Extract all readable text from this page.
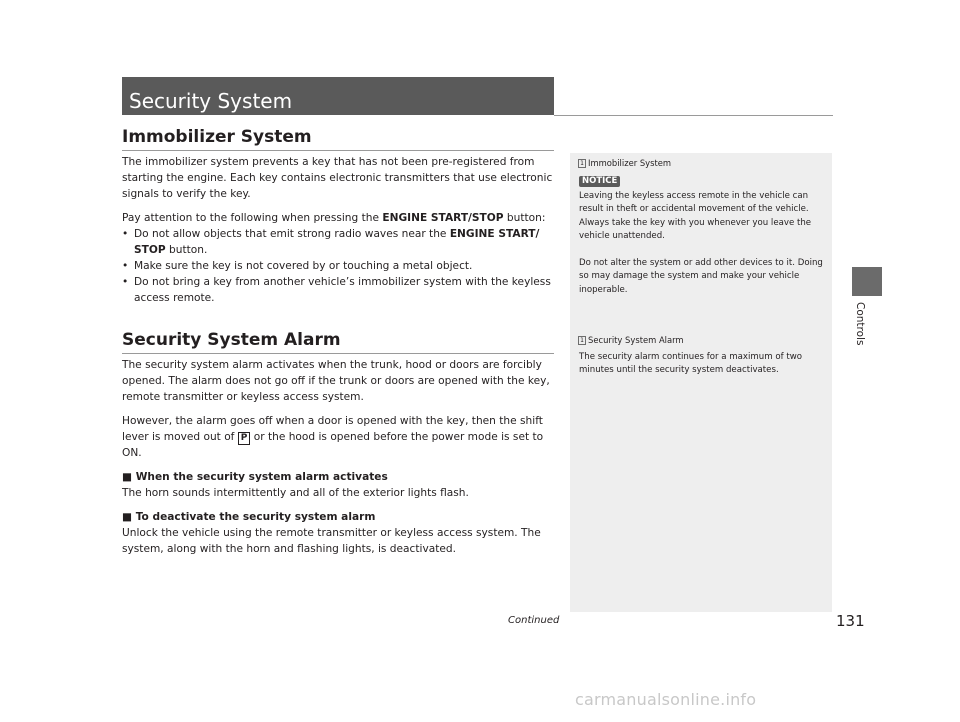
Security System
Immobilizer System

The immobilizer system prevents a key that has not been pre-registered from starting the engine. Each key contains electronic transmitters that use electronic signals to verify the key.

Pay attention to the following when pressing the ENGINE START/STOP button:

• Do not allow objects that emit strong radio waves near the ENGINE START/ STOP button.
• Make sure the key is not covered by or touching a metal object.
• Do not bring a key from another vehicle’s immobilizer system with the keyless access remote.
Security System Alarm

The security system alarm activates when the trunk, hood or doors are forcibly opened. The alarm does not go off if the trunk or doors are opened with the key, remote transmitter or keyless access system.

However, the alarm goes off when a door is opened with the key, then the shift lever is moved out of P or the hood is opened before the power mode is set to ON.

■ When the security system alarm activates

The horn sounds intermittently and all of the exterior lights flash.

■ To deactivate the security system alarm

Unlock the vehicle using the remote transmitter or keyless access system. The system, along with the horn and flashing lights, is deactivated.

1 Immobilizer System
NOTICE
Leaving the keyless access remote in the vehicle can result in theft or accidental movement of the vehicle. Always take the key with you whenever you leave the vehicle unattended.
Do not alter the system or add other devices to it. Doing so may damage the system and make your vehicle inoperable.
1 Security System Alarm
The security alarm continues for a maximum of two minutes until the security system deactivates.
Controls
Continued	131
carmanualsonline.info
